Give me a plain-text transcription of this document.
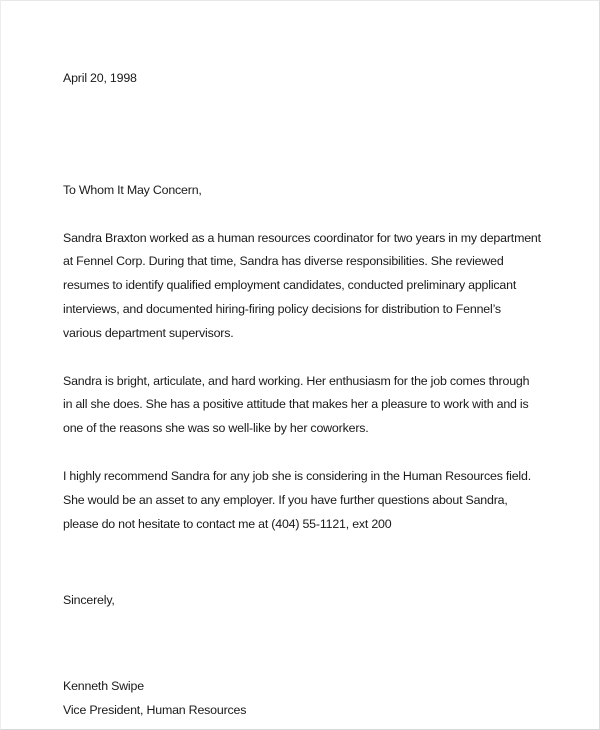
April 20, 1998

To Whom It May Concern,

Sandra Braxton worked as a human resources coordinator for two years in my department at Fennel Corp. During that time, Sandra has diverse responsibilities. She reviewed resumes to identify qualified employment candidates, conducted preliminary applicant interviews, and documented hiring-firing policy decisions for distribution to Fennel’s various department supervisors.

Sandra is bright, articulate, and hard working. Her enthusiasm for the job comes through in all she does. She has a positive attitude that makes her a pleasure to work with and is one of the reasons she was so well-like by her coworkers.

I highly recommend Sandra for any job she is considering in the Human Resources field. She would be an asset to any employer. If you have further questions about Sandra, please do not hesitate to contact me at (404) 55-1121, ext 200

Sincerely,

Kenneth Swipe

Vice President, Human Resources
